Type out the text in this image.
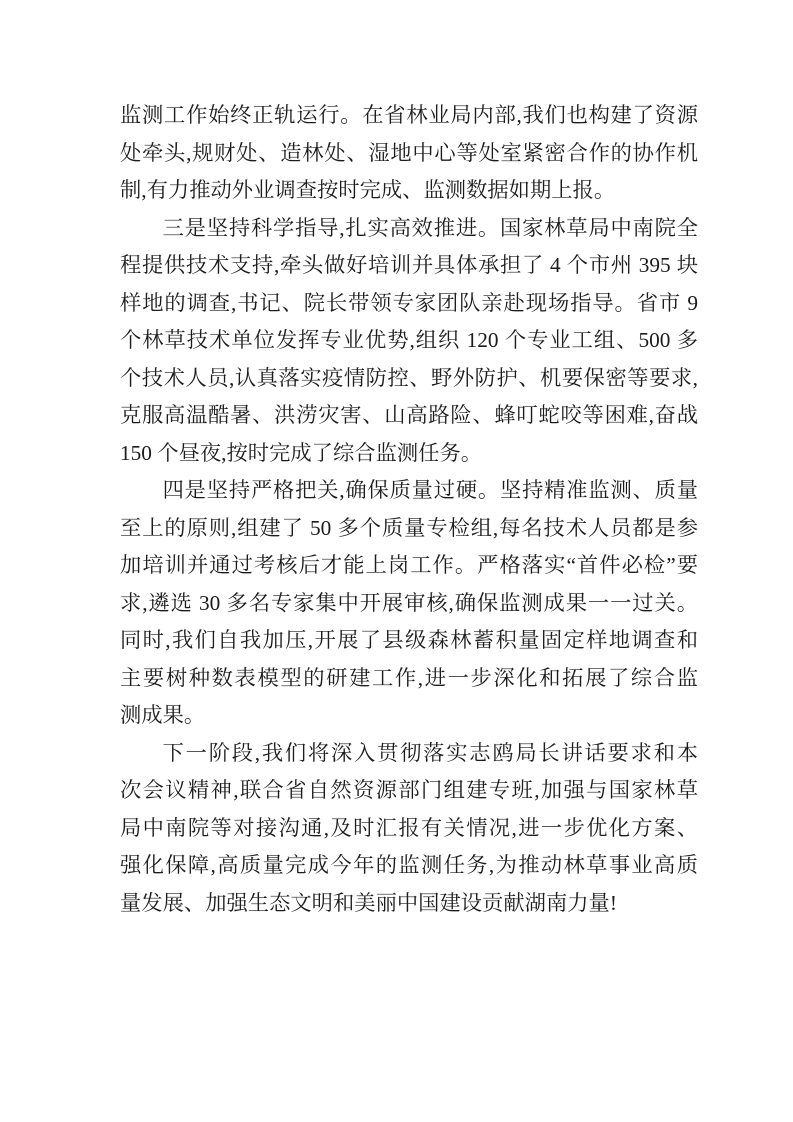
监测工作始终正轨运行。在省林业局内部,我们也构建了资源
处牵头,规财处、造林处、湿地中心等处室紧密合作的协作机
制,有力推动外业调查按时完成、监测数据如期上报。
三是坚持科学指导,扎实高效推进。国家林草局中南院全
程提供技术支持,牵头做好培训并具体承担了 4 个市州 395 块
样地的调查,书记、院长带领专家团队亲赴现场指导。省市 9
个林草技术单位发挥专业优势,组织 120 个专业工组、500 多
个技术人员,认真落实疫情防控、野外防护、机要保密等要求,
克服高温酷暑、洪涝灾害、山高路险、蜂叮蛇咬等困难,奋战
150 个昼夜,按时完成了综合监测任务。
四是坚持严格把关,确保质量过硬。坚持精准监测、质量
至上的原则,组建了 50 多个质量专检组,每名技术人员都是参
加培训并通过考核后才能上岗工作。严格落实“首件必检”要
求,遴选 30 多名专家集中开展审核,确保监测成果一一过关。
同时,我们自我加压,开展了县级森林蓄积量固定样地调查和
主要树种数表模型的研建工作,进一步深化和拓展了综合监
测成果。
下一阶段,我们将深入贯彻落实志鸥局长讲话要求和本
次会议精神,联合省自然资源部门组建专班,加强与国家林草
局中南院等对接沟通,及时汇报有关情况,进一步优化方案、
强化保障,高质量完成今年的监测任务,为推动林草事业高质
量发展、加强生态文明和美丽中国建设贡献湖南力量!
